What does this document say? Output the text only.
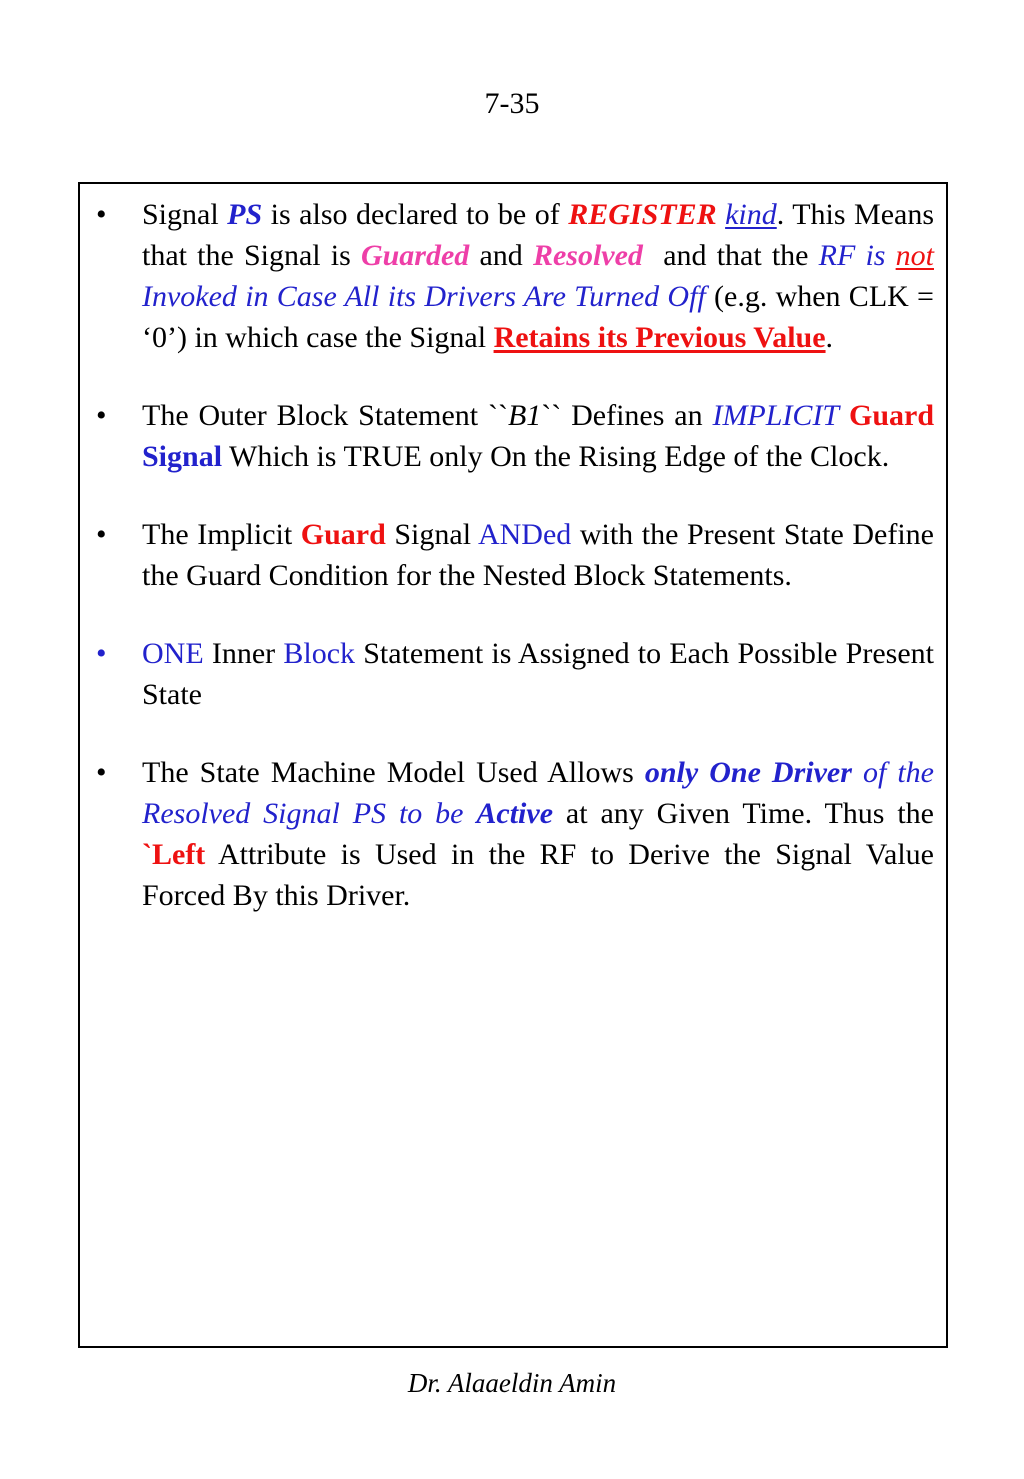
7-35
•	Signal PS is also declared to be of REGISTER kind. This Means that the Signal is Guarded and Resolved  and that the RF is not Invoked in Case All its Drivers Are Turned Off (e.g. when CLK = ‘0’) in which case the Signal Retains its Previous Value.
•	The Outer Block Statement ``B1`` Defines an IMPLICIT Guard Signal Which is TRUE only On the Rising Edge of the Clock.
•	The Implicit Guard Signal ANDed with the Present State Define the Guard Condition for the Nested Block Statements.
•	ONE Inner Block Statement is Assigned to Each Possible Present State
•	The State Machine Model Used Allows only One Driver of the Resolved Signal PS to be Active at any Given Time. Thus the `Left Attribute is Used in the RF to Derive the Signal Value Forced By this Driver.
Dr. Alaaeldin Amin
